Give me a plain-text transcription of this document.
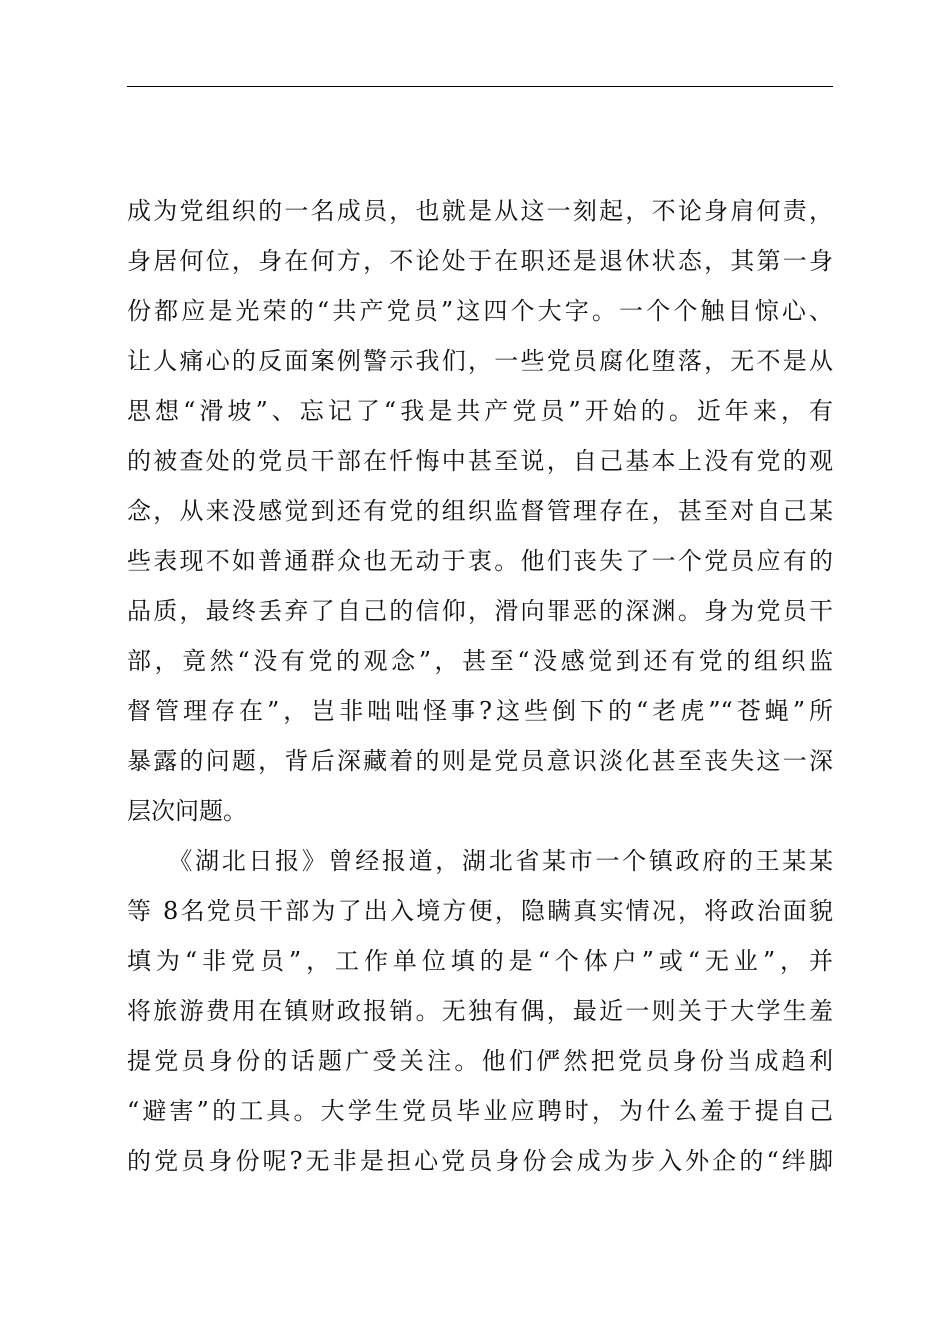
成为党组织的一名成员，也就是从这一刻起，不论身肩何责，
身居何位，身在何方，不论处于在职还是退休状态，其第一身
份都应是光荣的“共产党员”这四个大字。一个个触目惊心、
让人痛心的反面案例警示我们，一些党员腐化堕落，无不是从
思想“滑坡”、忘记了“我是共产党员”开始的。近年来，有
的被查处的党员干部在忏悔中甚至说，自己基本上没有党的观
念，从来没感觉到还有党的组织监督管理存在，甚至对自己某
些表现不如普通群众也无动于衷。他们丧失了一个党员应有的
品质，最终丢弃了自己的信仰，滑向罪恶的深渊。身为党员干
部，竟然“没有党的观念”，甚至“没感觉到还有党的组织监
督管理存在”，岂非咄咄怪事?这些倒下的“老虎”“苍蝇”所
暴露的问题，背后深藏着的则是党员意识淡化甚至丧失这一深
层次问题。
　　《湖北日报》曾经报道，湖北省某市一个镇政府的王某某
等 8名党员干部为了出入境方便，隐瞒真实情况，将政治面貌
填为“非党员”，工作单位填的是“个体户”或“无业”，并
将旅游费用在镇财政报销。无独有偶，最近一则关于大学生羞
提党员身份的话题广受关注。他们俨然把党员身份当成趋利
“避害”的工具。大学生党员毕业应聘时，为什么羞于提自己
的党员身份呢?无非是担心党员身份会成为步入外企的“绊脚
